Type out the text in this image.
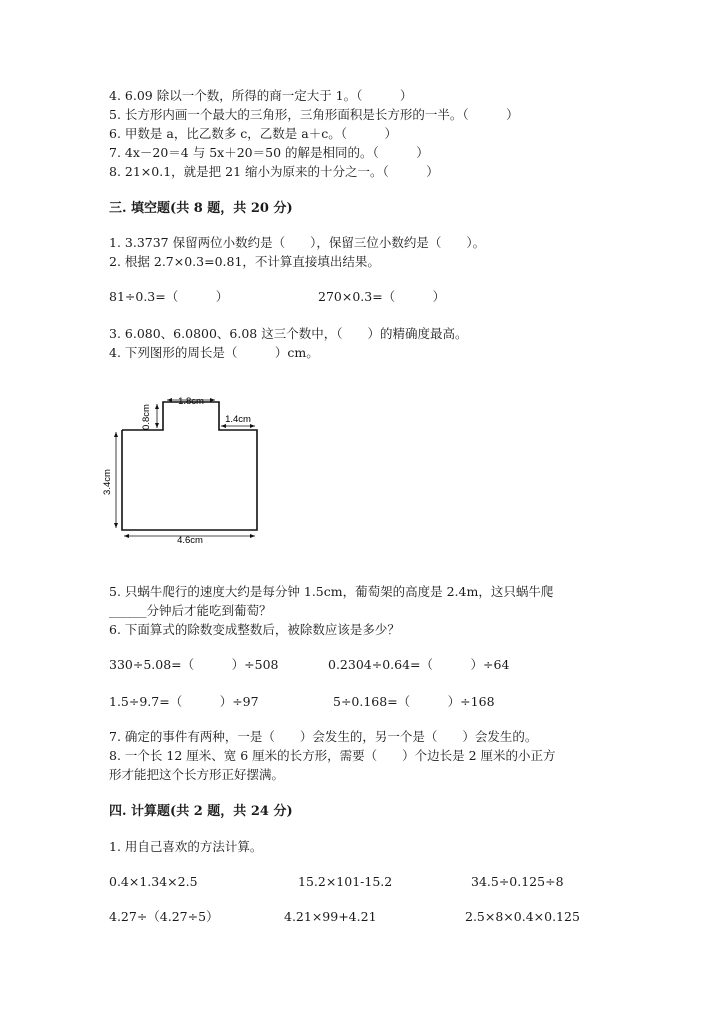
4. 6.09 除以一个数，所得的商一定大于 1。（　　　）
5. 长方形内画一个最大的三角形，三角形面积是长方形的一半。（　　　）
6. 甲数是 a，比乙数多 c，乙数是 a＋c。（　　　）
7. 4x－20＝4 与 5x＋20＝50 的解是相同的。（　　　）
8. 21×0.1，就是把 21 缩小为原来的十分之一。（　　　）
三. 填空题(共 8 题，共 20 分)
1. 3.3737 保留两位小数约是（　　），保留三位小数约是（　　）。
2. 根据 2.7×0.3=0.81，不计算直接填出结果。
81÷0.3=（　　　）	270×0.3=（　　　）
3. 6.080、6.0800、6.08 这三个数中，（　　）的精确度最高。
4. 下列图形的周长是（　　　）cm。
1.8cm
0.8cm	1.4cm
3.4cm
4.6cm
5. 只蜗牛爬行的速度大约是每分钟 1.5cm，葡萄架的高度是 2.4m，这只蜗牛爬
______分钟后才能吃到葡萄？
6. 下面算式的除数变成整数后，被除数应该是多少？
330÷5.08=（　　　）÷508	0.2304÷0.64=（　　　）÷64
1.5÷9.7=（　　　）÷97	5÷0.168=（　　　）÷168
7. 确定的事件有两种，一是（　　）会发生的，另一个是（　　）会发生的。
8. 一个长 12 厘米、宽 6 厘米的长方形，需要（　　）个边长是 2 厘米的小正方
形才能把这个长方形正好摆满。
四. 计算题(共 2 题，共 24 分)
1. 用自己喜欢的方法计算。
0.4×1.34×2.5	15.2×101-15.2	34.5÷0.125÷8
4.27÷（4.27÷5）	4.21×99+4.21	2.5×8×0.4×0.125
